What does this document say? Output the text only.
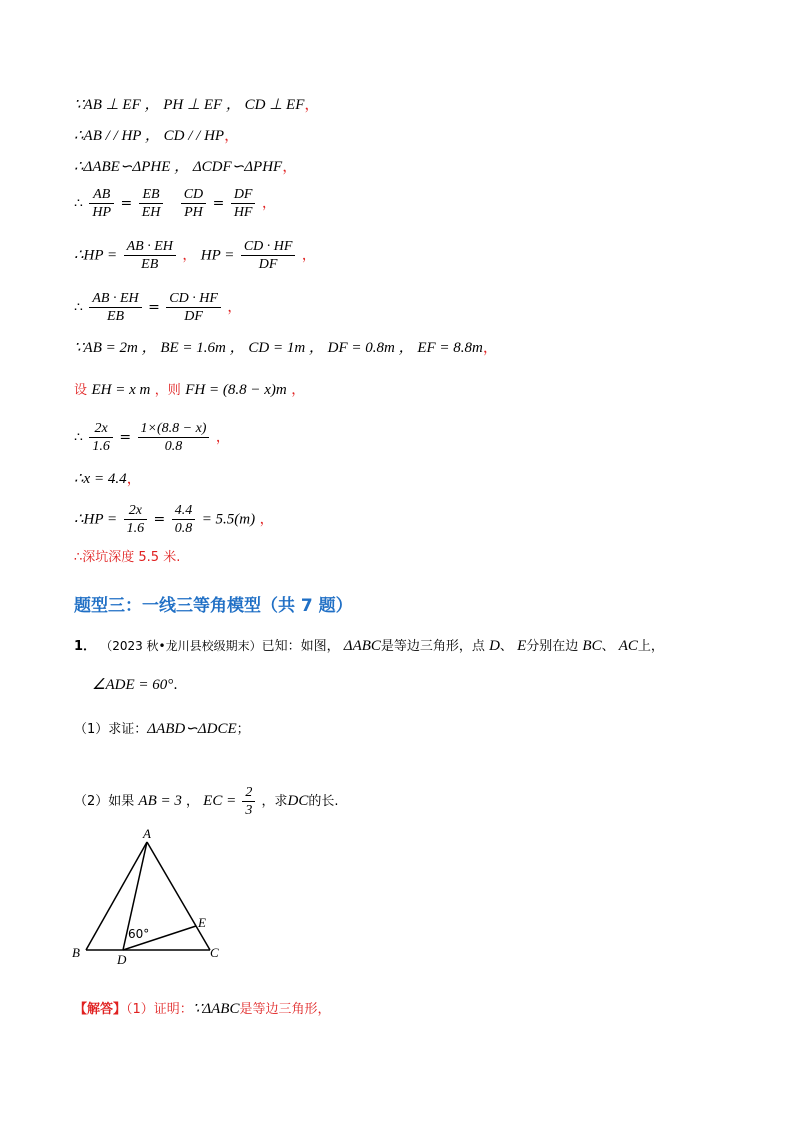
∵AB ⊥ EF ， PH ⊥ EF ， CD ⊥ EF，
∴AB / / HP ， CD / / HP，
∴ΔABE∽ΔPHE ， ΔCDF∽ΔPHF，
∴ $\frac{AB}{HP} = \frac{EB}{EH}$
$\frac{CD}{PH} = \frac{DF}{HF}$ ，
∴HP = $\frac{AB \cdot EH}{EB}$ ， HP = $\frac{CD \cdot HF}{DF}$ ，
∴ $\frac{AB \cdot EH}{EB} = \frac{CD \cdot HF}{DF}$ ，
∵AB = 2m ， BE = 1.6m ， CD = 1m ， DF = 0.8m ， EF = 8.8m，
设 EH = x m ，则 FH = (8.8 − x)m ，
∴ $\frac{2x}{1.6} = \frac{1\times(8.8 - x)}{0.8}$ ，
∴x = 4.4，
∴HP = $\frac{2x}{1.6} = \frac{4.4}{0.8} = 5.5(m)$ ，
∴深坑深度 5.5 米.
题型三：一线三等角模型（共 7 题）
1． （2023 秋•龙川县校级期末）已知：如图， ΔABC是等边三角形，点 D、 E分别在边 BC、 AC上，
∠ADE = 60°.
（1）求证：ΔABD∽ΔDCE；
（2）如果 AB = 3 ， EC = $\frac{2}{3}$ ，求DC的长.
A
B	C
D
E
60°
【解答】（1）证明：∵ΔABC是等边三角形，
